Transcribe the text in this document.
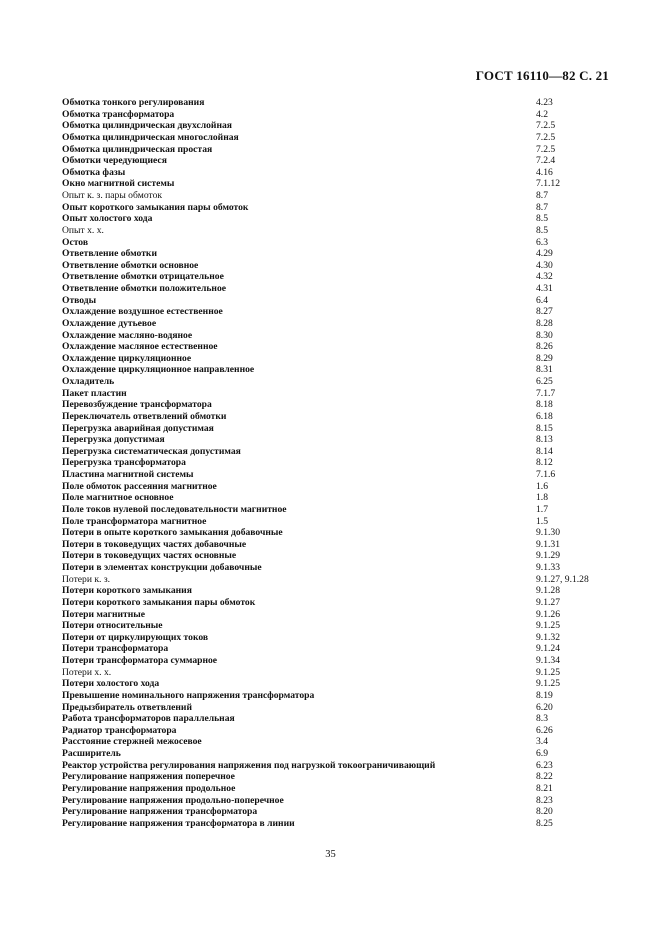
ГОСТ 16110—82 С. 21
Обмотка тонкого регулирования	4.23
Обмотка трансформатора	4.2
Обмотка цилиндрическая двухслойная	7.2.5
Обмотка цилиндрическая многослойная	7.2.5
Обмотка цилиндрическая простая	7.2.5
Обмотки чередующиеся	7.2.4
Обмотка фазы	4.16
Окно магнитной системы	7.1.12
Опыт к. з. пары обмоток	8.7
Опыт короткого замыкания пары обмоток	8.7
Опыт холостого хода	8.5
Опыт х. х.	8.5
Остов	6.3
Ответвление обмотки	4.29
Ответвление обмотки основное	4.30
Ответвление обмотки отрицательное	4.32
Ответвление обмотки положительное	4.31
Отводы	6.4
Охлаждение воздушное естественное	8.27
Охлаждение дутьевое	8.28
Охлаждение масляно-водяное	8.30
Охлаждение масляное естественное	8.26
Охлаждение циркуляционное	8.29
Охлаждение циркуляционное направленное	8.31
Охладитель	6.25
Пакет пластин	7.1.7
Перевозбуждение трансформатора	8.18
Переключатель ответвлений обмотки	6.18
Перегрузка аварийная допустимая	8.15
Перегрузка допустимая	8.13
Перегрузка систематическая допустимая	8.14
Перегрузка трансформатора	8.12
Пластина магнитной системы	7.1.6
Поле обмоток рассеяния магнитное	1.6
Поле магнитное основное	1.8
Поле токов нулевой последовательности магнитное	1.7
Поле трансформатора магнитное	1.5
Потери в опыте короткого замыкания добавочные	9.1.30
Потери в токоведущих частях добавочные	9.1.31
Потери в токоведущих частях основные	9.1.29
Потери в элементах конструкции добавочные	9.1.33
Потери к. з.	9.1.27, 9.1.28
Потери короткого замыкания	9.1.28
Потери короткого замыкания пары обмоток	9.1.27
Потери магнитные	9.1.26
Потери относительные	9.1.25
Потери от циркулирующих токов	9.1.32
Потери трансформатора	9.1.24
Потери трансформатора суммарное	9.1.34
Потери х. х.	9.1.25
Потери холостого хода	9.1.25
Превышение номинального напряжения трансформатора	8.19
Предызбиратель ответвлений	6.20
Работа трансформаторов параллельная	8.3
Радиатор трансформатора	6.26
Расстояние стержней межосевое	3.4
Расширитель	6.9
Реактор устройства регулирования напряжения под нагрузкой токоограничивающий	6.23
Регулирование напряжения поперечное	8.22
Регулирование напряжения продольное	8.21
Регулирование напряжения продольно-поперечное	8.23
Регулирование напряжения трансформатора	8.20
Регулирование напряжения трансформатора в линии	8.25
35
